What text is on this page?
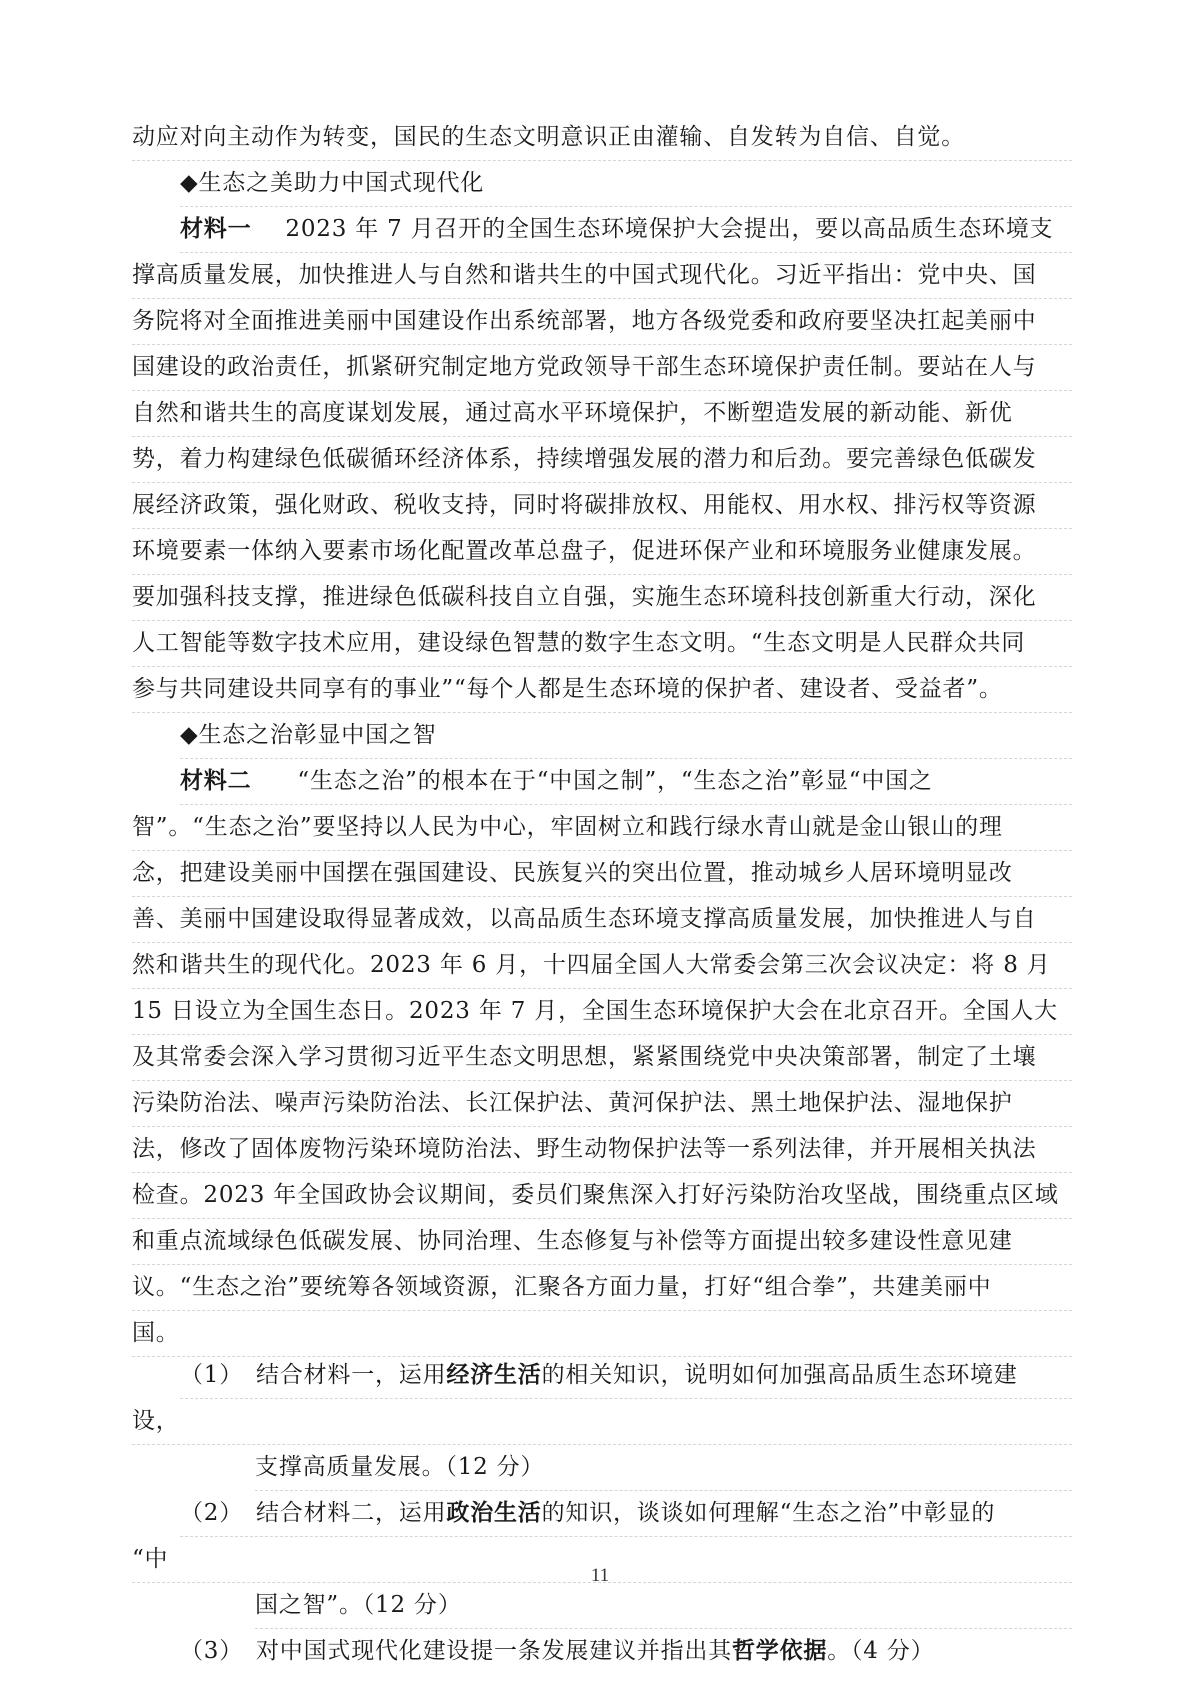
动应对向主动作为转变，国民的生态文明意识正由灌输、自发转为自信、自觉。
◆生态之美助力中国式现代化
材料一 2023 年 7 月召开的全国生态环境保护大会提出，要以高品质生态环境支
撑高质量发展，加快推进人与自然和谐共生的中国式现代化。习近平指出：党中央、国
务院将对全面推进美丽中国建设作出系统部署，地方各级党委和政府要坚决扛起美丽中
国建设的政治责任，抓紧研究制定地方党政领导干部生态环境保护责任制。要站在人与
自然和谐共生的高度谋划发展，通过高水平环境保护，不断塑造发展的新动能、新优
势，着力构建绿色低碳循环经济体系，持续增强发展的潜力和后劲。要完善绿色低碳发
展经济政策，强化财政、税收支持，同时将碳排放权、用能权、用水权、排污权等资源
环境要素一体纳入要素市场化配置改革总盘子，促进环保产业和环境服务业健康发展。
要加强科技支撑，推进绿色低碳科技自立自强，实施生态环境科技创新重大行动，深化
人工智能等数字技术应用，建设绿色智慧的数字生态文明。“生态文明是人民群众共同
参与共同建设共同享有的事业”“每个人都是生态环境的保护者、建设者、受益者”。
◆生态之治彰显中国之智
材料二 “生态之治”的根本在于“中国之制”，“生态之治”彰显“中国之
智”。“生态之治”要坚持以人民为中心，牢固树立和践行绿水青山就是金山银山的理
念，把建设美丽中国摆在强国建设、民族复兴的突出位置，推动城乡人居环境明显改
善、美丽中国建设取得显著成效，以高品质生态环境支撑高质量发展，加快推进人与自
然和谐共生的现代化。2023 年 6 月，十四届全国人大常委会第三次会议决定：将 8 月
15 日设立为全国生态日。2023 年 7 月，全国生态环境保护大会在北京召开。全国人大
及其常委会深入学习贯彻习近平生态文明思想，紧紧围绕党中央决策部署，制定了土壤
污染防治法、噪声污染防治法、长江保护法、黄河保护法、黑土地保护法、湿地保护
法，修改了固体废物污染环境防治法、野生动物保护法等一系列法律，并开展相关执法
检查。2023 年全国政协会议期间，委员们聚焦深入打好污染防治攻坚战，围绕重点区域
和重点流域绿色低碳发展、协同治理、生态修复与补偿等方面提出较多建设性意见建
议。“生态之治”要统筹各领域资源，汇聚各方面力量，打好“组合拳”，共建美丽中
国。
（1） 结合材料一，运用经济生活的相关知识，说明如何加强高品质生态环境建
设，
支撑高质量发展。（12 分）
（2） 结合材料二，运用政治生活的知识，谈谈如何理解“生态之治”中彰显的
“中
国之智”。（12 分）
（3） 对中国式现代化建设提一条发展建议并指出其哲学依据。（4 分）
11
